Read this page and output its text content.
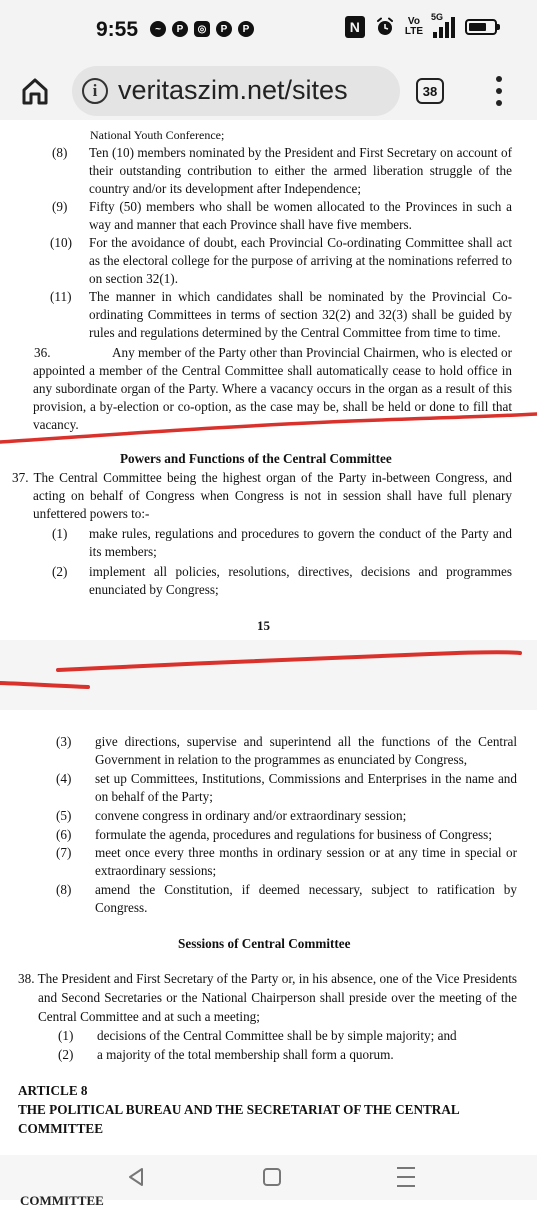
9:55	~	P	◎	P	P	N	Vo
LTE
5G
i veritaszim.net/sites	38
National Youth Conference;
(8) Ten (10) members nominated by the President and First Secretary on account of
their outstanding contribution to either the armed liberation struggle of the
country and/or its development after Independence;
(9) Fifty (50) members who shall be women allocated to the Provinces in such a
way and manner that each Province shall have five members.
(10) For the avoidance of doubt, each Provincial Co-ordinating Committee shall act
as the electoral college for the purpose of arriving at the nominations referred to
on section 32(1).
(11) The manner in which candidates shall be nominated by the Provincial Co-
ordinating Committees in terms of section 32(2) and 32(3) shall be guided by
rules and regulations determined by the Central Committee from time to time.
36.	Any member of the Party other than Provincial Chairmen, who is elected or
appointed a member of the Central Committee shall automatically cease to hold office in
any subordinate organ of the Party. Where a vacancy occurs in the organ as a result of this
provision, a by-election or co-option, as the case may be, shall be held or done to fill that
vacancy.
Powers and Functions of the Central Committee
37. The Central Committee being the highest organ of the Party in-between Congress, and
acting on behalf of Congress when Congress is not in session shall have full plenary
unfettered powers to:-
(1) make rules, regulations and procedures to govern the conduct of the Party and
its members;
(2) implement all policies, resolutions, directives, decisions and programmes
enunciated by Congress;
15
(3) give directions, supervise and superintend all the functions of the Central
Government in relation to the programmes as enunciated by Congress,
(4) set up Committees, Institutions, Commissions and Enterprises in the name and
on behalf of the Party;
(5) convene congress in ordinary and/or extraordinary session;
(6) formulate the agenda, procedures and regulations for business of Congress;
(7) meet once every three months in ordinary session or at any time in special or
extraordinary sessions;
(8) amend the Constitution, if deemed necessary, subject to ratification by
Congress.
Sessions of Central Committee
38. The President and First Secretary of the Party or, in his absence, one of the Vice Presidents
and Second Secretaries or the National Chairperson shall preside over the meeting of the
Central Committee and at such a meeting;
(1) decisions of the Central Committee shall be by simple majority; and
(2) a majority of the total membership shall form a quorum.
ARTICLE 8
THE POLITICAL BUREAU AND THE SECRETARIAT OF THE CENTRAL
COMMITTEE
COMMITTEE
